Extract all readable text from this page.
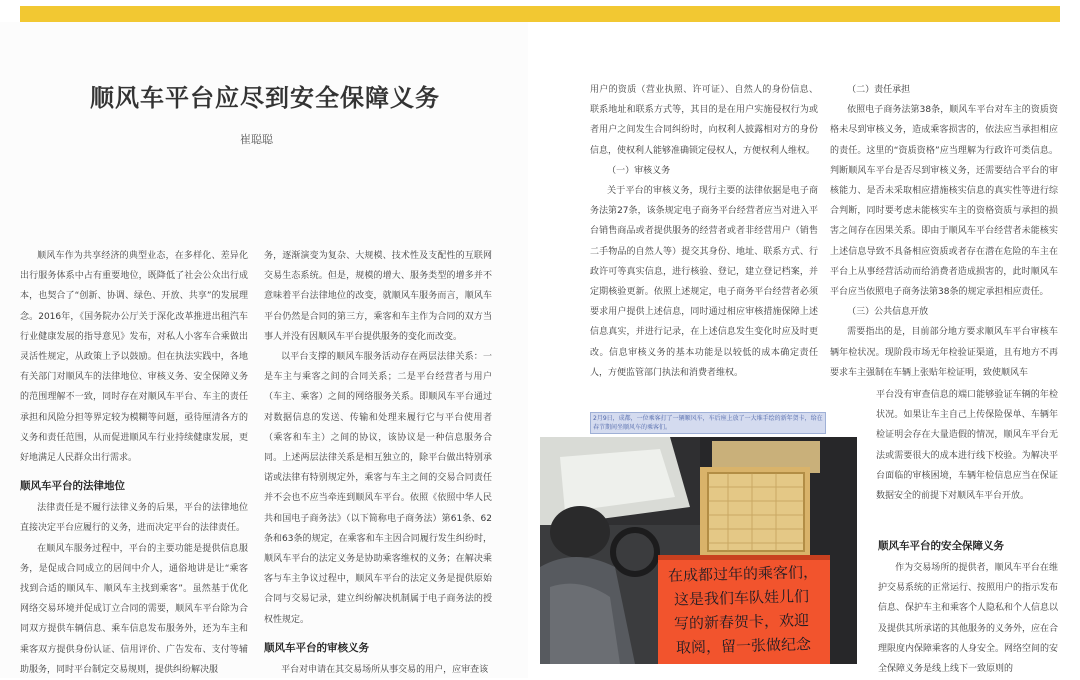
顺风车平台应尽到安全保障义务
崔聪聪

顺风车作为共享经济的典型业态，在多样化、差异化出行服务体系中占有重要地位，既降低了社会公众出行成本，也契合了“创新、协调、绿色、开放、共享”的发展理念。2016年，《国务院办公厅关于深化改革推进出租汽车行业健康发展的指导意见》发布，对私人小客车合乘做出灵活性规定，从政策上予以鼓励。但在执法实践中，各地有关部门对顺风车的法律地位、审核义务、安全保障义务的范围理解不一致，同时存在对顺风车平台、车主的责任承担和风险分担等界定较为模糊等问题，亟待厘清各方的义务和责任范围，从而促进顺风车行业持续健康发展，更好地满足人民群众出行需求。

顺风车平台的法律地位

法律责任是不履行法律义务的后果，平台的法律地位直接决定平台应履行的义务，进而决定平台的法律责任。

在顺风车服务过程中，平台的主要功能是提供信息服务，是促成合同成立的居间中介人，通俗地讲是让“乘客找到合适的顺风车、顺风车主找到乘客”。虽然基于优化网络交易环境并促成订立合同的需要，顺风车平台除为合同双方提供车辆信息、乘车信息发布服务外，还为车主和乘客双方提供身份认证、信用评价、广告发布、支付等辅助服务，同时平台制定交易规则，提供纠纷解决服

务，逐渐演变为复杂、大规模、技术性及支配性的互联网交易生态系统。但是，规模的增大、服务类型的增多并不意味着平台法律地位的改变，就顺风车服务而言，顺风车平台仍然是合同的第三方，乘客和车主作为合同的双方当事人并没有因顺风车平台提供服务的变化而改变。

以平台支撑的顺风车服务活动存在两层法律关系：一是车主与乘客之间的合同关系；二是平台经营者与用户（车主、乘客）之间的网络服务关系。即顺风车平台通过对数据信息的发送、传输和处理来履行它与平台使用者（乘客和车主）之间的协议，该协议是一种信息服务合同。上述两层法律关系是相互独立的，除平台做出特别承诺或法律有特别规定外，乘客与车主之间的交易合同责任并不会也不应当牵连到顺风车平台。依照《依照中华人民共和国电子商务法》（以下简称电子商务法）第61条、62条和63条的规定，在乘客和车主因合同履行发生纠纷时，顺风车平台的法定义务是协助乘客维权的义务；在解决乘客与车主争议过程中，顺风车平台的法定义务是提供原始合同与交易记录，建立纠纷解决机制属于电子商务法的授权性规定。

顺风车平台的审核义务

平台对申请在其交易场所从事交易的用户，应审查该

用户的资质（营业执照、许可证）、自然人的身份信息、联系地址和联系方式等，其目的是在用户实施侵权行为或者用户之间发生合同纠纷时，向权利人披露相对方的身份信息，使权利人能够准确锁定侵权人，方便权利人维权。

（一）审核义务

关于平台的审核义务，现行主要的法律依据是电子商务法第27条，该条规定电子商务平台经营者应当对进入平台销售商品或者提供服务的经营者或者非经营用户（销售二手物品的自然人等）提交其身份、地址、联系方式、行政许可等真实信息，进行核验、登记，建立登记档案，并定期核验更新。依照上述规定，电子商务平台经营者必须要求用户提供上述信息，同时通过相应审核措施保障上述信息真实，并进行记录，在上述信息发生变化时应及时更改。信息审核义务的基本功能是以较低的成本确定责任人，方便监管部门执法和消费者维权。

（二）责任承担

依照电子商务法第38条，顺风车平台对车主的资质资格未尽到审核义务，造成乘客损害的，依法应当承担相应的责任。这里的“资质资格”应当理解为行政许可类信息。判断顺风车平台是否尽到审核义务，还需要结合平台的审核能力、是否未采取相应措施核实信息的真实性等进行综合判断，同时要考虑未能核实车主的资格资质与承担的损害之间存在因果关系。即由于顺风车平台经营者未能核实上述信息导致不具备相应资质或者存在潜在危险的车主在平台上从事经营活动而给消费者造成损害的，此时顺风车平台应当依照电子商务法第38条的规定承担相应责任。

（三）公共信息开放

需要指出的是，目前部分地方要求顺风车平台审核车辆年检状况。现阶段市场无年检验证渠道，且有地方不再要求车主强制在车辆上张贴年检证明，致使顺风车

平台没有审查信息的端口能够验证车辆的年检状况。如果让车主自己上传保险保单、车辆年检证明会存在大量造假的情况，顺风车平台无法或需要很大的成本进行线下校验。为解决平台面临的审核困境，车辆年检信息应当在保证数据安全的前提下对顺风车平台开放。

顺风车平台的安全保障义务

作为交易场所的提供者，顺风车平台在维护交易系统的正常运行、按照用户的指示发布信息、保护车主和乘客个人隐私和个人信息以及提供其所承诺的其他服务的义务外，应在合理限度内保障乘客的人身安全。网络空间的安全保障义务是线上线下一致原则的

2月9日，成都，一位乘客打了一辆顺风车，车后座上放了一大堆手绘的新年贺卡，给在春节期间坐顺风车的乘客们。
在成都过年的乘客们，
这是我们车队娃儿们
写的新春贺卡，欢迎
取阅，留一张做纪念
